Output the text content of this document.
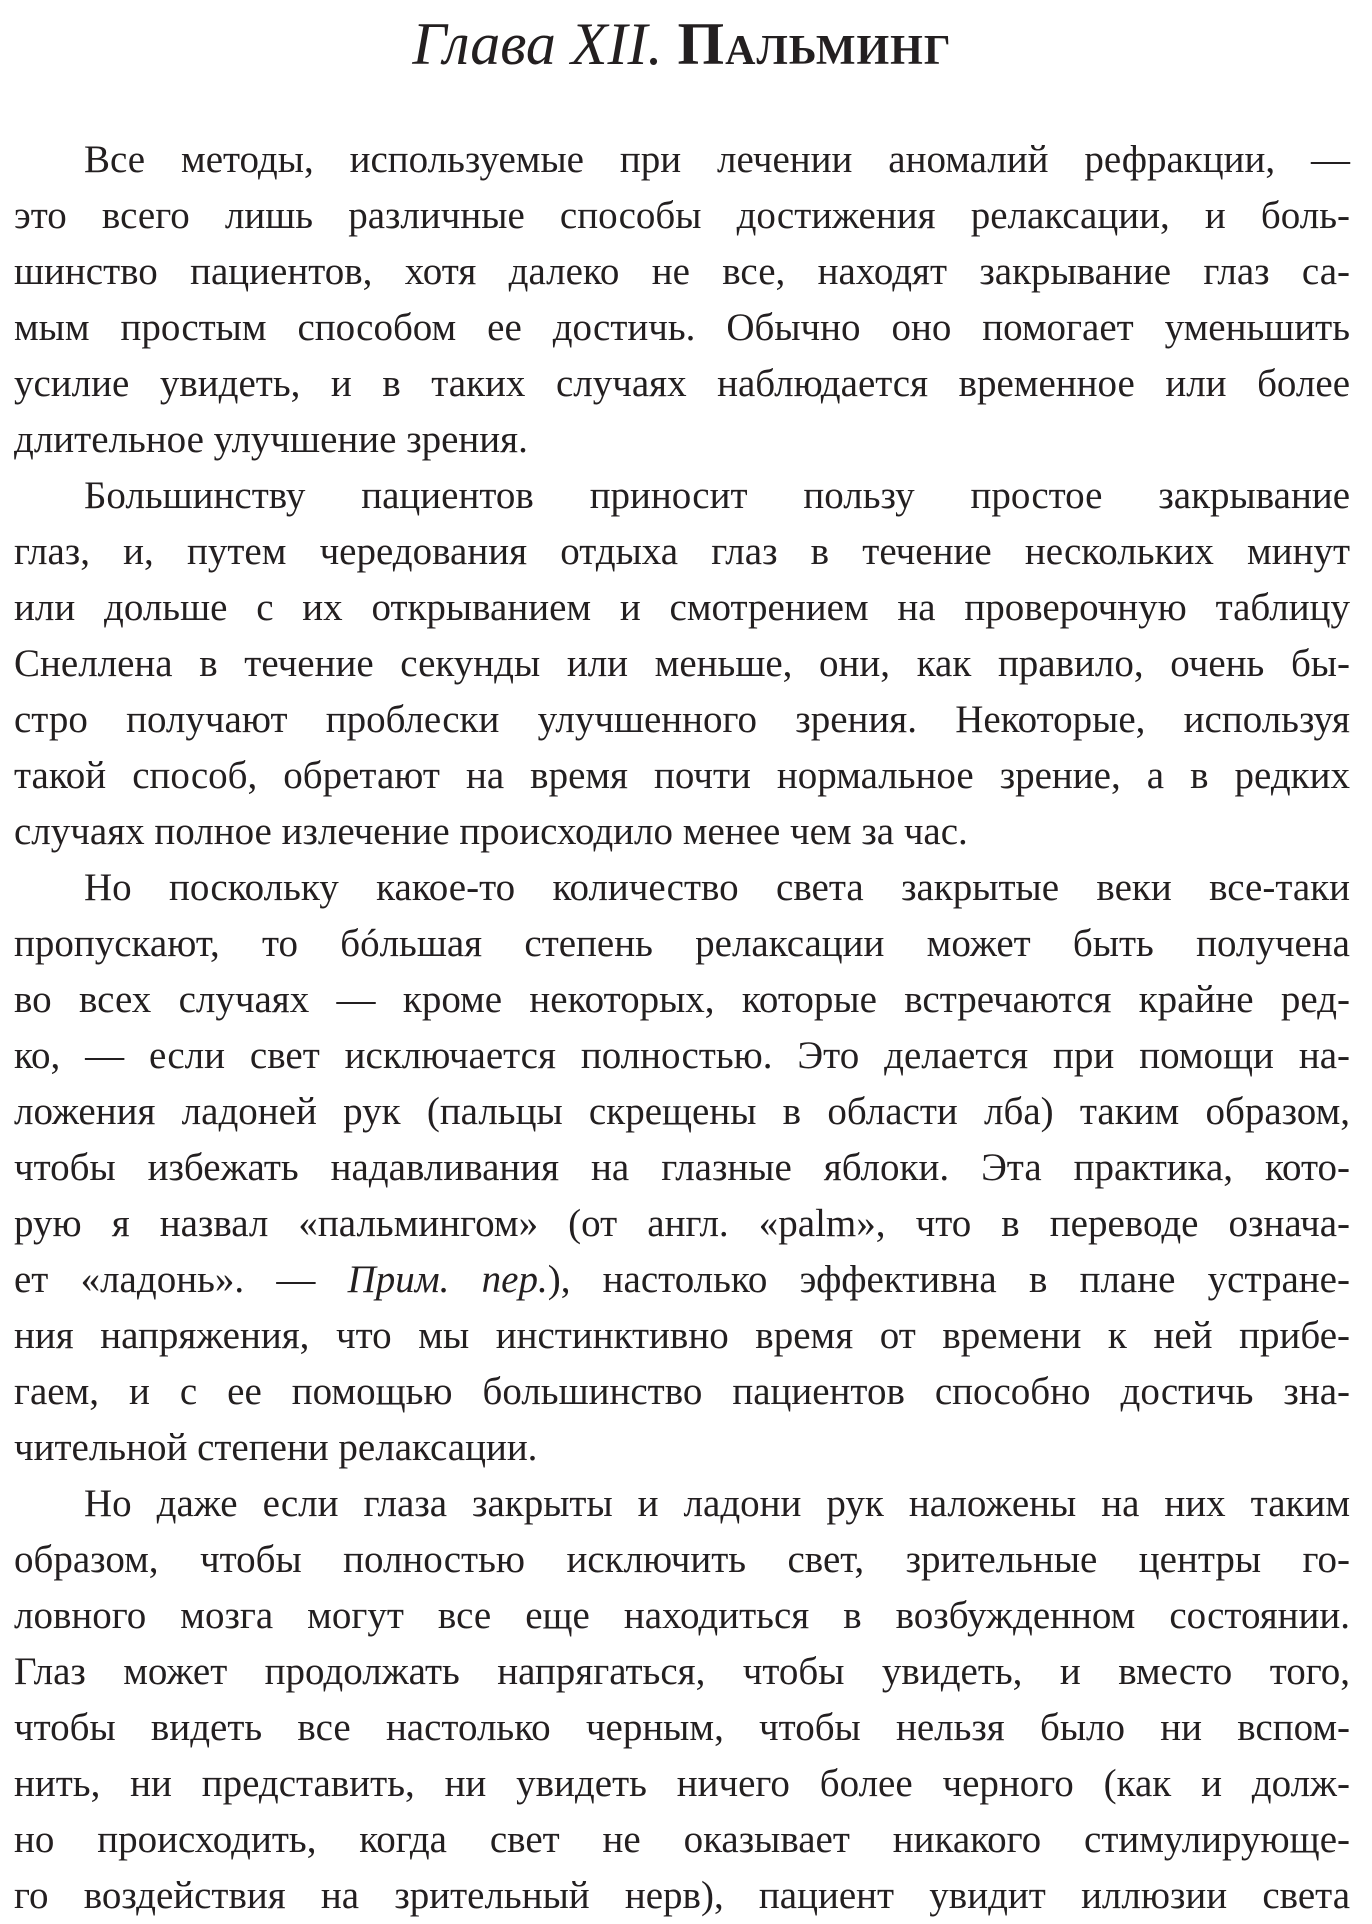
Глава XII. Пальминг

Все методы, используемые при лечении аномалий рефракции, —
это всего лишь различные способы достижения релаксации, и боль-
шинство пациентов, хотя далеко не все, находят закрывание глаз са-
мым простым способом ее достичь. Обычно оно помогает уменьшить
усилие увидеть, и в таких случаях наблюдается временное или более
длительное улучшение зрения.

Большинству пациентов приносит пользу простое закрывание
глаз, и, путем чередования отдыха глаз в течение нескольких минут
или дольше с их открыванием и смотрением на проверочную таблицу
Снеллена в течение секунды или меньше, они, как правило, очень бы-
стро получают проблески улучшенного зрения. Некоторые, используя
такой способ, обретают на время почти нормальное зрение, а в редких
случаях полное излечение происходило менее чем за час.

Но поскольку какое-то количество света закрытые веки все-таки
пропускают, то бóльшая степень релаксации может быть получена
во всех случаях — кроме некоторых, которые встречаются крайне ред-
ко, — если свет исключается полностью. Это делается при помощи на-
ложения ладоней рук (пальцы скрещены в области лба) таким образом,
чтобы избежать надавливания на глазные яблоки. Эта практика, кото-
рую я назвал «пальмингом» (от англ. «palm», что в переводе означа-
ет «ладонь». — Прим. пер.), настолько эффективна в плане устране-
ния напряжения, что мы инстинктивно время от времени к ней прибе-
гаем, и с ее помощью большинство пациентов способно достичь зна-
чительной степени релаксации.

Но даже если глаза закрыты и ладони рук наложены на них таким
образом, чтобы полностью исключить свет, зрительные центры го-
ловного мозга могут все еще находиться в возбужденном состоянии.
Глаз может продолжать напрягаться, чтобы увидеть, и вместо того,
чтобы видеть все настолько черным, чтобы нельзя было ни вспом-
нить, ни представить, ни увидеть ничего более черного (как и долж-
но происходить, когда свет не оказывает никакого стимулирующе-
го воздействия на зрительный нерв), пациент увидит иллюзии света
